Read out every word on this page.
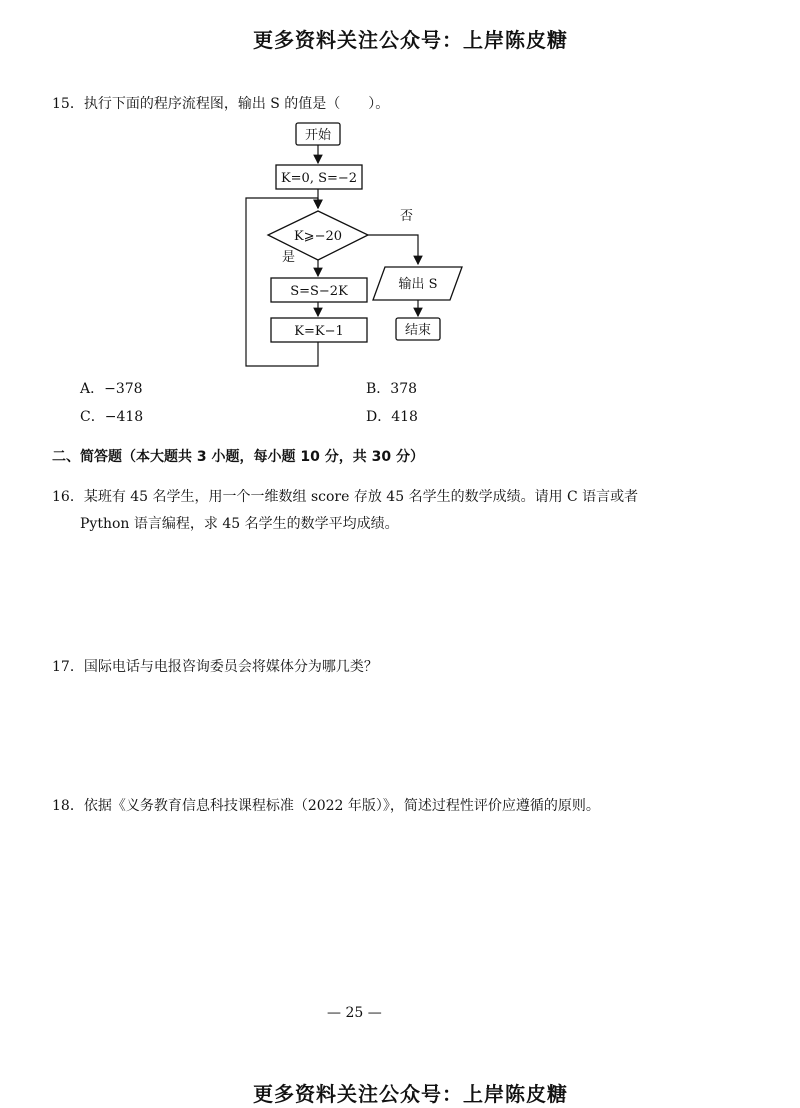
更多资料关注公众号：上岸陈皮糖
15．执行下面的程序流程图，输出 S 的值是（　　）。
开始
K=0, S=−2
K⩾−20
是
否
输出 S
结束
S=S−2K
K=K−1
A．−378	B．378
C．−418	D．418
二、简答题（本大题共 3 小题，每小题 10 分，共 30 分）
16．某班有 45 名学生，用一个一维数组 score 存放 45 名学生的数学成绩。请用 C 语言或者
Python 语言编程，求 45 名学生的数学平均成绩。
17．国际电话与电报咨询委员会将媒体分为哪几类？
18．依据《义务教育信息科技课程标准（2022 年版）》，简述过程性评价应遵循的原则。
— 25 —
更多资料关注公众号：上岸陈皮糖
